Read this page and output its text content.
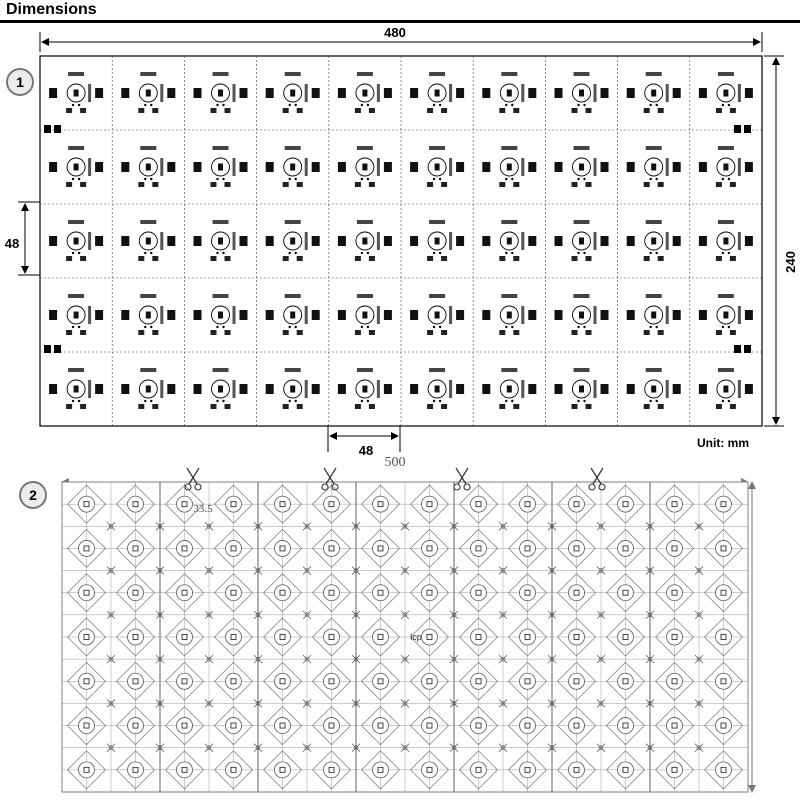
Dimensions
1
480
240
48
48
500
33.5
lcp
2
Unit: mm
